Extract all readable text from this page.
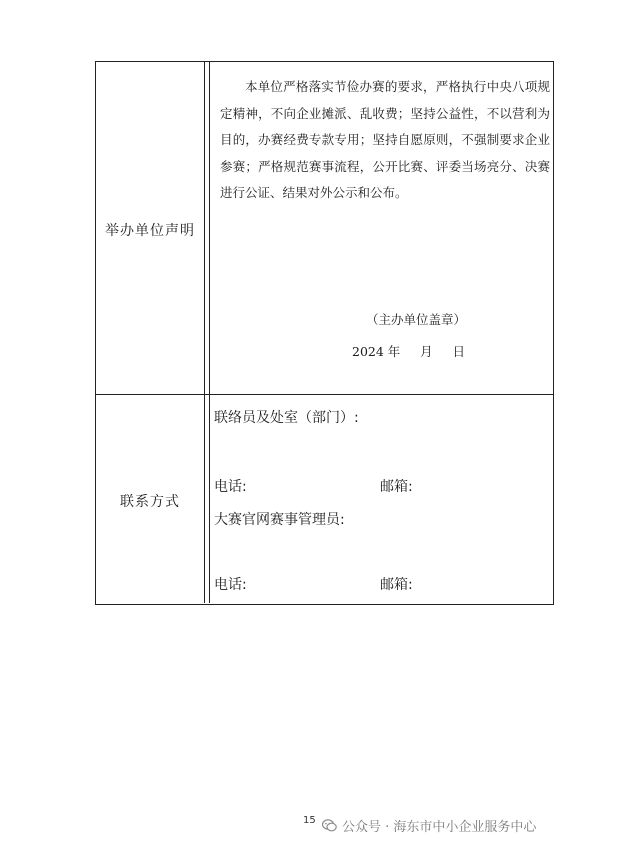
举办单位声明

本单位严格落实节俭办赛的要求，严格执行中央八项规定精神，不向企业摊派、乱收费；坚持公益性，不以营利为目的，办赛经费专款专用；坚持自愿原则，不强制要求企业参赛；严格规范赛事流程，公开比赛、评委当场亮分、决赛进行公证、结果对外公示和公布。

（主办单位盖章）
2024 年     月     日
联系方式
联络员及处室（部门）:
电话:	邮箱:
大赛官网赛事管理员:
电话:	邮箱:
15 公众号 · 海东市中小企业服务中心
